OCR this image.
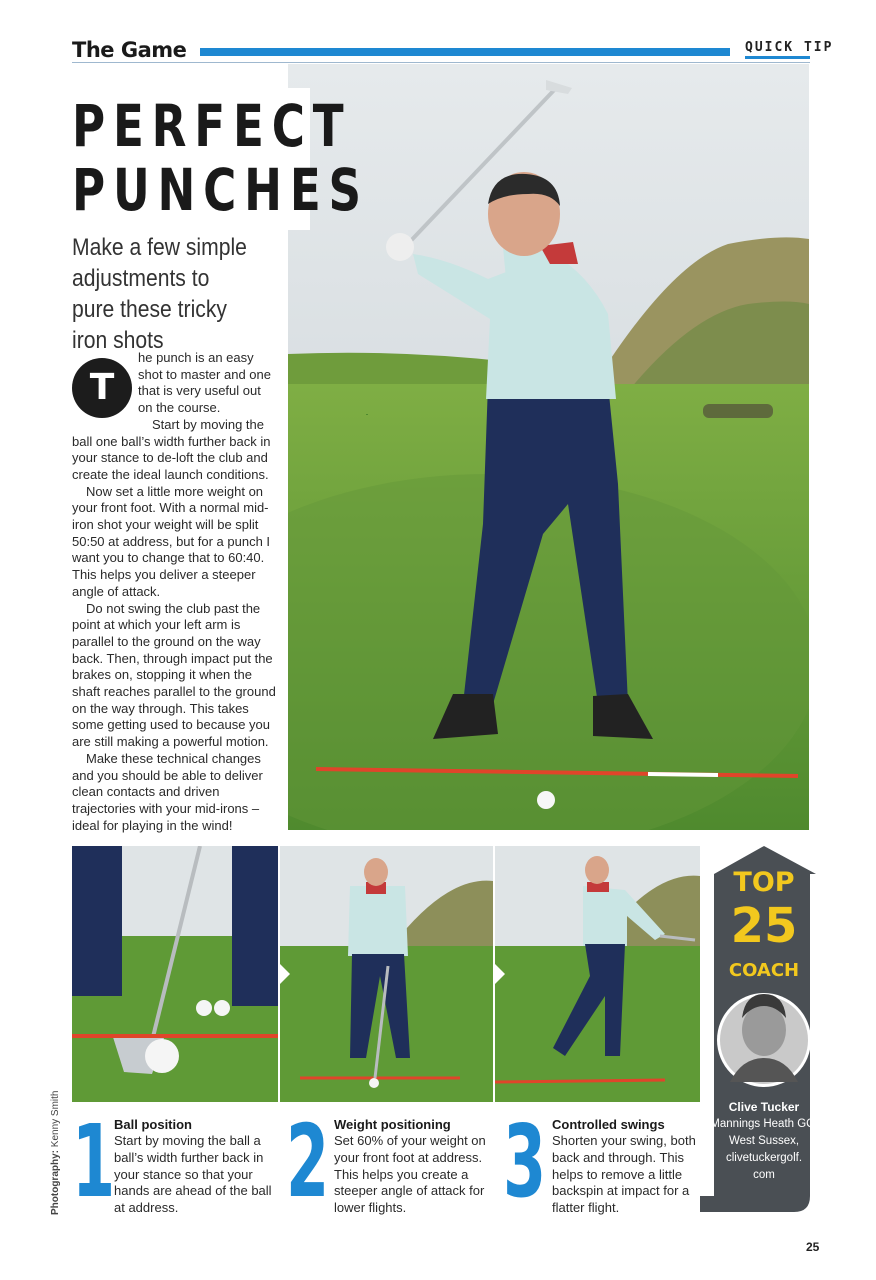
The Game	QUICK TIP
PERFECT
PUNCHES
Make a few simple adjustments to pure these tricky iron shots
T

he punch is an easy shot to master and one that is very useful out on the course.

Start by moving the ball one ball’s width further back in your stance to de-loft the club and create the ideal launch conditions.

Now set a little more weight on your front foot. With a normal mid-iron shot your weight will be split 50:50 at address, but for a punch I want you to change that to 60:40. This helps you deliver a steeper angle of attack.

Do not swing the club past the point at which your left arm is parallel to the ground on the way back. Then, through impact put the brakes on, stopping it when the shaft reaches parallel to the ground on the way through. This takes some getting used to because you are still making a powerful motion.

Make these technical changes and you should be able to deliver clean contacts and driven trajectories with your mid-irons – ideal for playing in the wind!

1
Ball position
Start by moving the ball a ball’s width further back in your stance so that your hands are ahead of the ball at address.	2 Weight positioning
Set 60% of your weight on your front foot at address. This helps you create a steeper angle of attack for lower flights. 3 Controlled swings
Shorten your swing, both back and through. This helps to remove a little backspin at impact for a flatter flight.
Photography: Kenny Smith
TOP
25
COACH
Clive Tucker
Mannings Heath GC, West Sussex,
clivetuckergolf.
com
25
